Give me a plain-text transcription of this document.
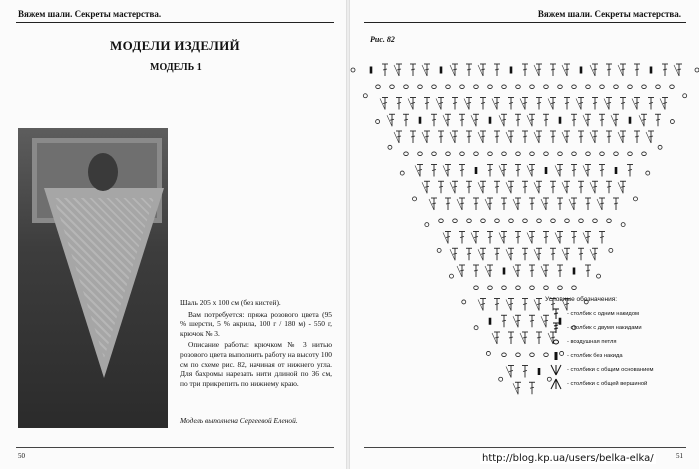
Вяжем шали. Секреты мастерства.
МОДЕЛИ ИЗДЕЛИЙ
МОДЕЛЬ 1

Шаль 205 x 100 см (без кистей).

Вам потребуется: пряжа розового цвета (95 % шерсти, 5 % акрила, 100 г / 180 м) - 550 г, крючок № 3.

Описание работы: крючком № 3 нитью розового цвета выполнить работу на высоту 100 см по схеме рис. 82, начиная от нижнего угла. Для бахромы нарезать нити длиной по 36 см, по три прикрепить по нижнему краю.

Модель выполнена Сергеевой Еленой.
50
Вяжем шали. Секреты мастерства.
Рис. 82
Условные обозначения:
- столбик с одним накидом
- столбик с двумя накидами
- воздушная петля
- столбик без накида
- столбики с общим основанием
- столбики с общей вершиной
51
http://blog.kp.ua/users/belka-elka/
